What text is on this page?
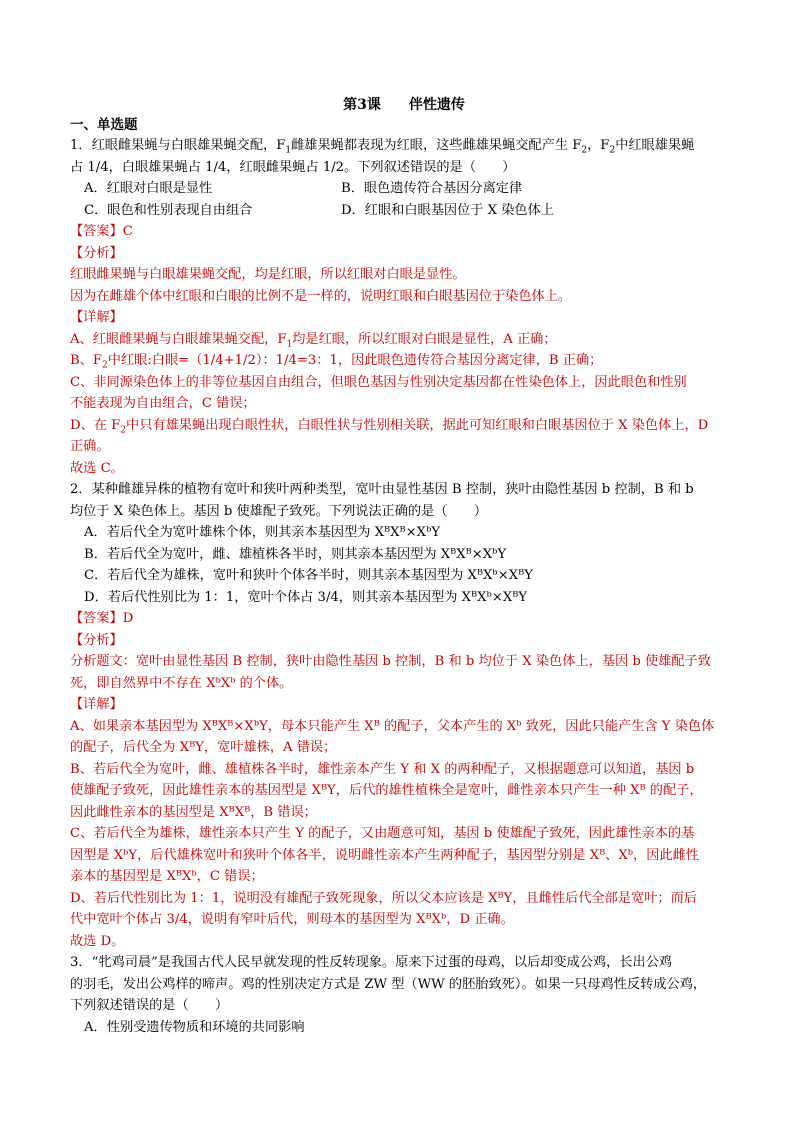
第3课 伴性遗传
一、单选题
1．红眼雌果蝇与白眼雄果蝇交配，$F_1$雌雄果蝇都表现为红眼，这些雌雄果蝇交配产生 $F_2$，$F_2$中红眼雄果蝇
占 1/4，白眼雄果蝇占 1/4，红眼雌果蝇占 1/2。下列叙述错误的是（　　）
A．红眼对白眼是显性	B．眼色遗传符合基因分离定律
C．眼色和性别表现自由组合	D．红眼和白眼基因位于 X 染色体上
【答案】C
【分析】
红眼雌果蝇与白眼雄果蝇交配，均是红眼，所以红眼对白眼是显性。
因为在雌雄个体中红眼和白眼的比例不是一样的，说明红眼和白眼基因位于染色体上。
【详解】
A、红眼雌果蝇与白眼雄果蝇交配，$F_1$均是红眼，所以红眼对白眼是显性，A 正确；
B、$F_2$中红眼:白眼=（1/4+1/2）：1/4=3：1，因此眼色遗传符合基因分离定律，B 正确；
C、非同源染色体上的非等位基因自由组合，但眼色基因与性别决定基因都在性染色体上，因此眼色和性别
不能表现为自由组合，C 错误；
D、在 $F_2$中只有雄果蝇出现白眼性状，白眼性状与性别相关联，据此可知红眼和白眼基因位于 X 染色体上，D
正确。
故选 C。
2．某种雌雄异株的植物有宽叶和狭叶两种类型，宽叶由显性基因 B 控制，狭叶由隐性基因 b 控制，B 和 b
均位于 X 染色体上。基因 b 使雄配子致死。下列说法正确的是（　　）
A．若后代全为宽叶雄株个体，则其亲本基因型为 XᴮXᴮ×XᵇY
B．若后代全为宽叶，雌、雄植株各半时，则其亲本基因型为 XᴮXᴮ×XᵇY
C．若后代全为雄株，宽叶和狭叶个体各半时，则其亲本基因型为 XᴮXᵇ×XᴮY
D．若后代性别比为 1：1，宽叶个体占 3/4，则其亲本基因型为 XᴮXᵇ×XᴮY
【答案】D
【分析】
分析题文：宽叶由显性基因 B 控制，狭叶由隐性基因 b 控制，B 和 b 均位于 X 染色体上，基因 b 使雄配子致
死，即自然界中不存在 XᵇXᵇ 的个体。
【详解】
A、如果亲本基因型为 XᴮXᴮ×XᵇY，母本只能产生 Xᴮ 的配子，父本产生的 Xᵇ 致死，因此只能产生含 Y 染色体
的配子，后代全为 XᴮY，宽叶雄株，A 错误；
B、若后代全为宽叶，雌、雄植株各半时，雄性亲本产生 Y 和 X 的两种配子，又根据题意可以知道，基因 b
使雄配子致死，因此雄性亲本的基因型是 XᴮY，后代的雄性植株全是宽叶，雌性亲本只产生一种 Xᴮ 的配子，
因此雌性亲本的基因型是 XᴮXᴮ，B 错误；
C、若后代全为雄株，雄性亲本只产生 Y 的配子，又由题意可知，基因 b 使雄配子致死，因此雄性亲本的基
因型是 XᵇY，后代雄株宽叶和狭叶个体各半，说明雌性亲本产生两种配子，基因型分别是 Xᴮ、Xᵇ，因此雌性
亲本的基因型是 XᴮXᵇ，C 错误；
D、若后代性别比为 1：1，说明没有雄配子致死现象，所以父本应该是 XᴮY，且雌性后代全部是宽叶；而后
代中宽叶个体占 3/4，说明有窄叶后代，则母本的基因型为 XᴮXᵇ，D 正确。
故选 D。
3．“牝鸡司晨”是我国古代人民早就发现的性反转现象。原来下过蛋的母鸡，以后却变成公鸡，长出公鸡
的羽毛，发出公鸡样的啼声。鸡的性别决定方式是 ZW 型（WW 的胚胎致死）。如果一只母鸡性反转成公鸡，
下列叙述错误的是（　　）
A．性别受遗传物质和环境的共同影响
